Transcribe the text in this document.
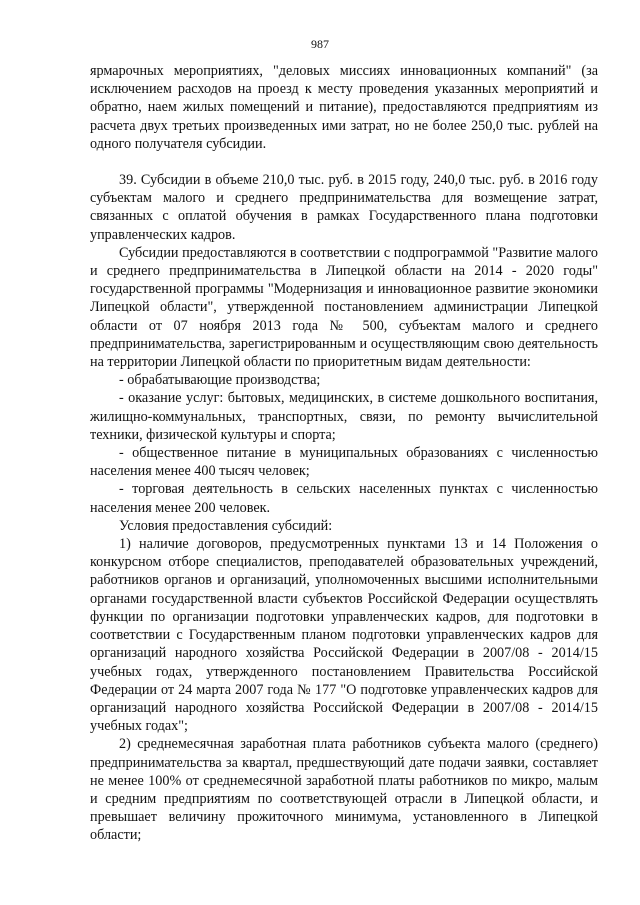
987

ярмарочных мероприятиях, "деловых миссиях инновационных компаний" (за исключением расходов на проезд к месту проведения указанных мероприятий и обратно, наем жилых помещений и питание), предоставляются предприятиям из расчета двух третьих произведенных ими затрат, но не более 250,0 тыс. рублей на одного получателя субсидии.

39. Субсидии в объеме 210,0 тыс. руб. в 2015 году, 240,0 тыс. руб. в 2016 году субъектам малого и среднего предпринимательства для возмещение затрат, связанных с оплатой обучения в рамках Государственного плана подготовки управленческих кадров.

Субсидии предоставляются в соответствии с подпрограммой "Развитие малого и среднего предпринимательства в Липецкой области на 2014 - 2020 годы" государственной программы "Модернизация и инновационное развитие экономики Липецкой области", утвержденной постановлением администрации Липецкой области от 07 ноября 2013 года № 500, субъектам малого и среднего предпринимательства, зарегистрированным и осуществляющим свою деятельность на территории Липецкой области по приоритетным видам деятельности:

- обрабатывающие производства;

- оказание услуг: бытовых, медицинских, в системе дошкольного воспитания, жилищно-коммунальных, транспортных, связи, по ремонту вычислительной техники, физической культуры и спорта;

- общественное питание в муниципальных образованиях с численностью населения менее 400 тысяч человек;

- торговая деятельность в сельских населенных пунктах с численностью населения менее 200 человек.

Условия предоставления субсидий:

1) наличие договоров, предусмотренных пунктами 13 и 14 Положения о конкурсном отборе специалистов, преподавателей образовательных учреждений, работников органов и организаций, уполномоченных высшими исполнительными органами государственной власти субъектов Российской Федерации осуществлять функции по организации подготовки управленческих кадров, для подготовки в соответствии с Государственным планом подготовки управленческих кадров для организаций народного хозяйства Российской Федерации в 2007/08 - 2014/15 учебных годах, утвержденного постановлением Правительства Российской Федерации от 24 марта 2007 года № 177 "О подготовке управленческих кадров для организаций народного хозяйства Российской Федерации в 2007/08 - 2014/15 учебных годах";

2) среднемесячная заработная плата работников субъекта малого (среднего) предпринимательства за квартал, предшествующий дате подачи заявки, составляет не менее 100% от среднемесячной заработной платы работников по микро, малым и средним предприятиям по соответствующей отрасли в Липецкой области, и превышает величину прожиточного минимума, установленного в Липецкой области;
